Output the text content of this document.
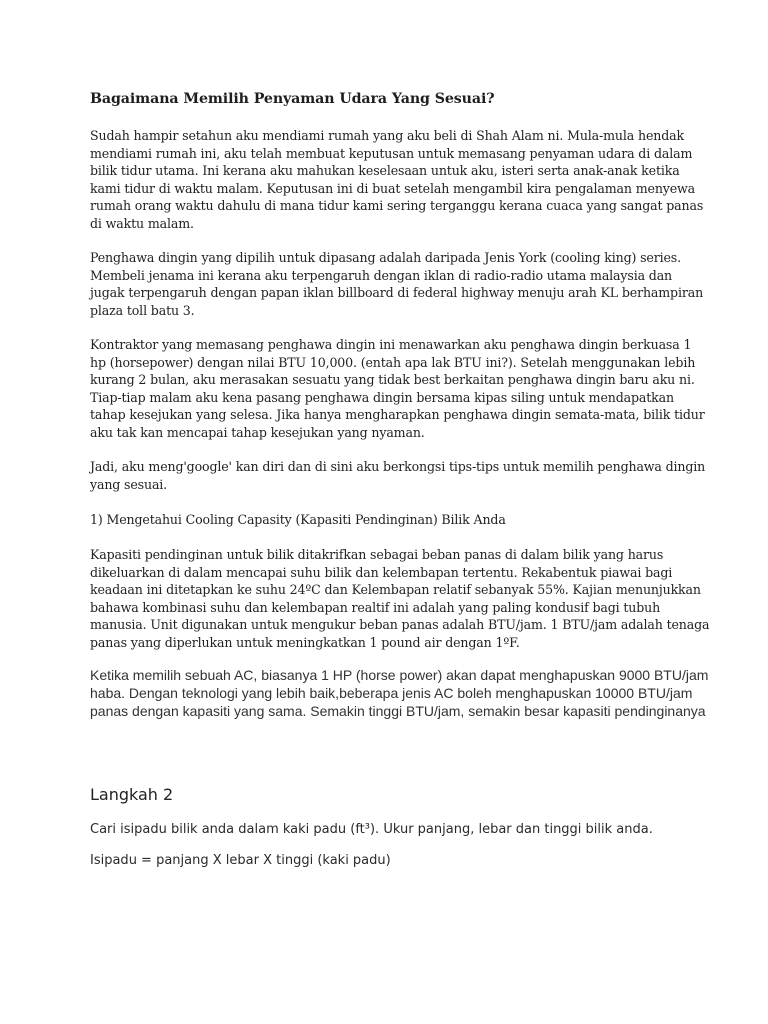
Bagaimana Memilih Penyaman Udara Yang Sesuai?

Sudah hampir setahun aku mendiami rumah yang aku beli di Shah Alam ni. Mula-mula hendak mendiami rumah ini, aku telah membuat keputusan untuk memasang penyaman udara di dalam bilik tidur utama. Ini kerana aku mahukan keselesaan untuk aku, isteri serta anak-anak ketika kami tidur di waktu malam. Keputusan ini di buat setelah mengambil kira pengalaman menyewa rumah orang waktu dahulu di mana tidur kami sering terganggu kerana cuaca yang sangat panas di waktu malam.

Penghawa dingin yang dipilih untuk dipasang adalah daripada Jenis York (cooling king) series. Membeli jenama ini kerana aku terpengaruh dengan iklan di radio-radio utama malaysia dan jugak terpengaruh dengan papan iklan billboard di federal highway menuju arah KL berhampiran plaza toll batu 3.

Kontraktor yang memasang penghawa dingin ini menawarkan aku penghawa dingin berkuasa 1 hp (horsepower) dengan nilai BTU 10,000. (entah apa lak BTU ini?). Setelah menggunakan lebih kurang 2 bulan, aku merasakan sesuatu yang tidak best berkaitan penghawa dingin baru aku ni. Tiap-tiap malam aku kena pasang penghawa dingin bersama kipas siling untuk mendapatkan tahap kesejukan yang selesa. Jika hanya mengharapkan penghawa dingin semata-mata, bilik tidur aku tak kan mencapai tahap kesejukan yang nyaman.

Jadi, aku meng'google' kan diri dan di sini aku berkongsi tips-tips untuk memilih penghawa dingin yang sesuai.

1) Mengetahui Cooling Capasity (Kapasiti Pendinginan) Bilik Anda

Kapasiti pendinginan untuk bilik ditakrifkan sebagai beban panas di dalam bilik yang harus dikeluarkan di dalam mencapai suhu bilik dan kelembapan tertentu. Rekabentuk piawai bagi keadaan ini ditetapkan ke suhu 24ºC dan Kelembapan relatif sebanyak 55%. Kajian menunjukkan bahawa kombinasi suhu dan kelembapan realtif ini adalah yang paling kondusif bagi tubuh manusia. Unit digunakan untuk mengukur beban panas adalah BTU/jam. 1 BTU/jam adalah tenaga panas yang diperlukan untuk meningkatkan 1 pound air dengan 1ºF.

Ketika memilih sebuah AC, biasanya 1 HP (horse power) akan dapat menghapuskan 9000 BTU/jam haba. Dengan teknologi yang lebih baik,beberapa jenis AC boleh menghapuskan 10000 BTU/jam panas dengan kapasiti yang sama. Semakin tinggi BTU/jam, semakin besar kapasiti pendinginanya

Langkah 2

Cari isipadu bilik anda dalam kaki padu (ft³). Ukur panjang, lebar dan tinggi bilik anda.

Isipadu = panjang X lebar X tinggi (kaki padu)
